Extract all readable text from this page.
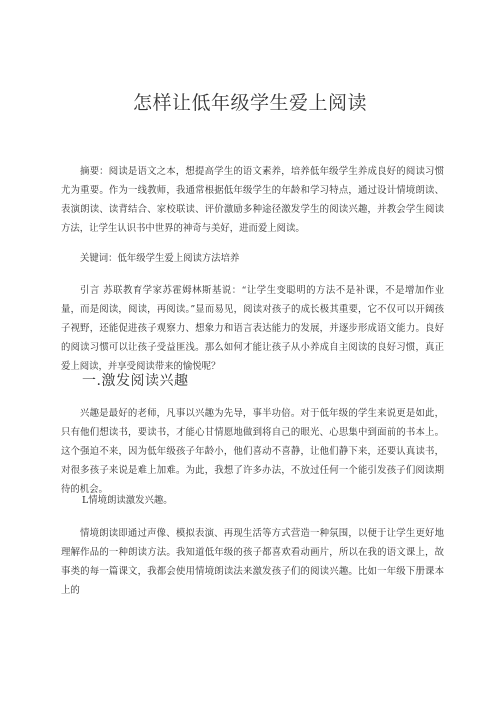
怎样让低年级学生爱上阅读

摘要：阅读是语文之本，想提高学生的语文素养，培养低年级学生养成良好的阅读习惯尤为重要。作为一线教师，我通常根据低年级学生的年龄和学习特点，通过设计情境朗读、表演朗读、读背结合、家校联读、评价激励多种途径激发学生的阅读兴趣，并教会学生阅读方法，让学生认识书中世界的神奇与美好，进而爱上阅读。

关键词：低年级学生爱上阅读方法培养

引言 苏联教育学家苏霍姆林斯基说：“让学生变聪明的方法不是补课，不是增加作业量，而是阅读，阅读，再阅读。”显而易见，阅读对孩子的成长极其重要，它不仅可以开阔孩子视野，还能促进孩子观察力、想象力和语言表达能力的发展，并逐步形成语文能力。良好的阅读习惯可以让孩子受益匪浅。那么如何才能让孩子从小养成自主阅读的良好习惯，真正爱上阅读，并享受阅读带来的愉悦呢？

一.激发阅读兴趣

兴趣是最好的老师，凡事以兴趣为先导，事半功倍。对于低年级的学生来说更是如此，只有他们想读书，要读书，才能心甘情愿地做到将自己的眼光、心思集中到面前的书本上。这个强迫不来，因为低年级孩子年龄小，他们喜动不喜静，让他们静下来，还要认真读书，对很多孩子来说是难上加难。为此，我想了许多办法，不放过任何一个能引发孩子们阅读期待的机会。

L情境朗读激发兴趣。

情境朗读即通过声像、模拟表演、再现生活等方式营造一种氛围，以便于让学生更好地理解作品的一种朗读方法。我知道低年级的孩子都喜欢看动画片，所以在我的语文课上，故事类的每一篇课文，我都会使用情境朗读法来激发孩子们的阅读兴趣。比如一年级下册课本上的
